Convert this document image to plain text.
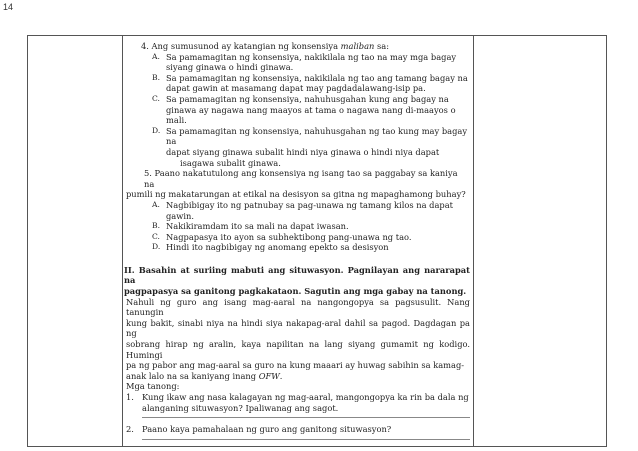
14

4. Ang sumusunod ay katangian ng konsensiya maliban sa:

A. Sa pamamagitan ng konsensiya, nakikilala ng tao na may mga bagay
siyang ginawa o hindi ginawa.
B. Sa pamamagitan ng konsensiya, nakikilala ng tao ang tamang bagay na
dapat gawin at masamang dapat may pagdadalawang-isip pa.
C. Sa pamamagitan ng konsensiya, nahuhusgahan kung ang bagay na
ginawa ay nagawa nang maayos at tama o nagawa nang di-maayos o
mali.
D. Sa pamamagitan ng konsensiya, nahuhusgahan ng tao kung may bagay na
dapat siyang ginawa subalit hindi niya ginawa o hindi niya dapat
isagawa subalit ginawa.
5. Paano nakatutulong ang konsensiya ng isang tao sa paggabay sa kaniya na
pumili ng makatarungan at etikal na desisyon sa gitna ng mapaghamong buhay?
A. Nagbibigay ito ng patnubay sa pag-unawa ng tamang kilos na dapat
gawin.
B. Nakikiramdam ito sa mali na dapat iwasan.
C. Nagpapasya ito ayon sa subhektibong pang-unawa ng tao.
D. Hindi ito nagbibigay ng anomang epekto sa desisyon
II. Basahin at suriing mabuti ang situwasyon. Pagnilayan ang nararapat na
pagpapasya sa ganitong pagkakataon. Sagutin ang mga gabay na tanong.
Nahuli ng guro ang isang mag-aaral na nangongopya sa pagsusulit. Nang tanungin
kung bakit, sinabi niya na hindi siya nakapag-aral dahil sa pagod. Dagdagan pa ng
sobrang hirap ng aralin, kaya napilitan na lang siyang gumamit ng kodigo. Humingi
pa ng pabor ang mag-aaral sa guro na kung maaari ay huwag sabihin sa kamag-
anak lalo na sa kaniyang inang OFW.
Mga tanong:
1. Kung ikaw ang nasa kalagayan ng mag-aaral, mangongopya ka rin ba dala ng
alanganing situwasyon? Ipaliwanag ang sagot.
2. Paano kaya pamahalaan ng guro ang ganitong situwasyon?
